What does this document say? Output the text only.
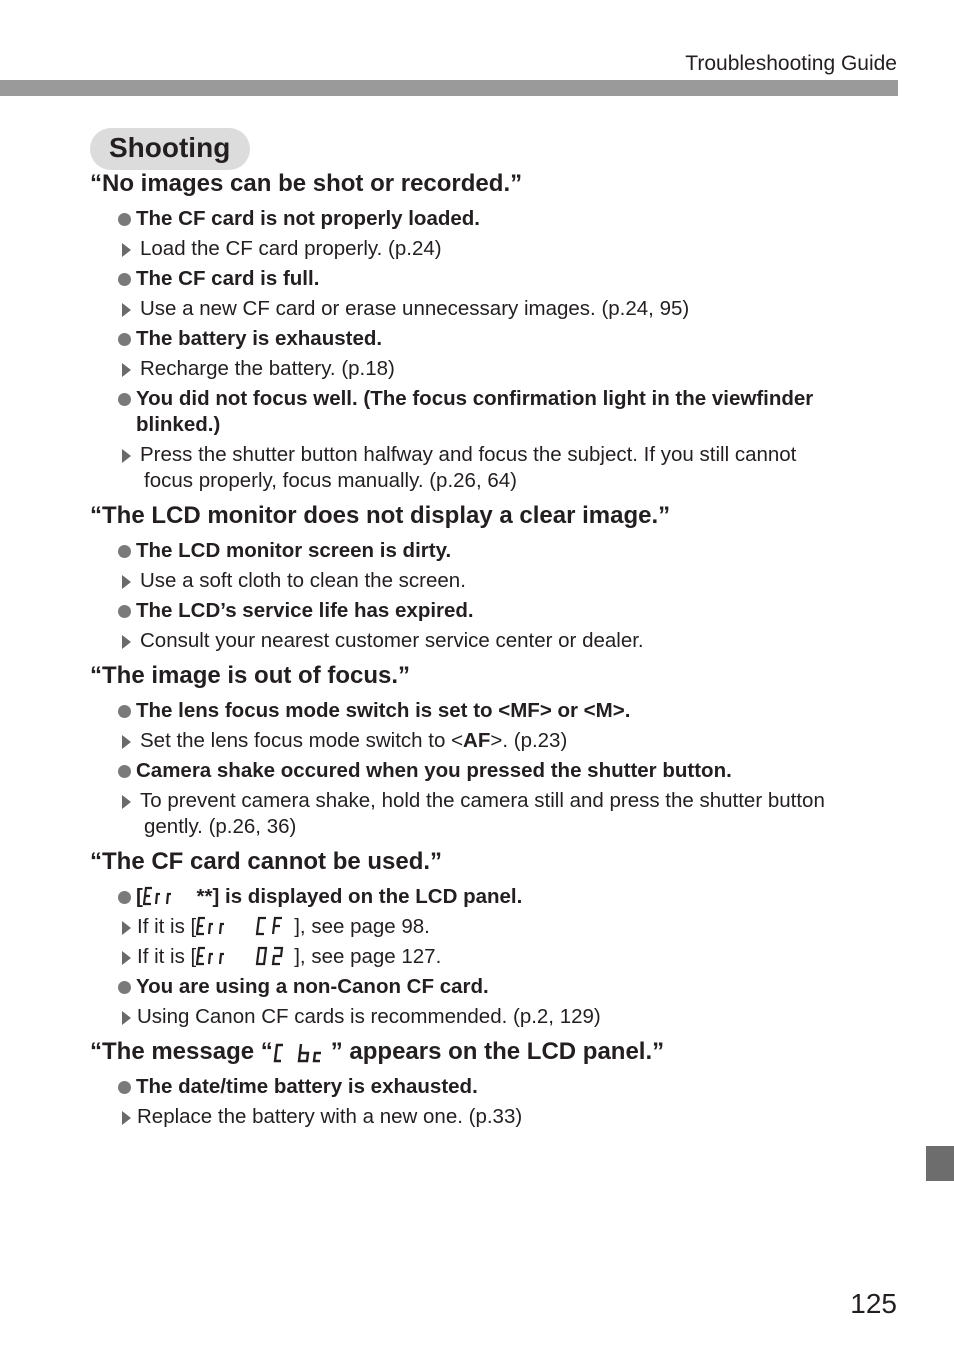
Troubleshooting Guide
125
Shooting
“No images can be shot or recorded.”
The CF card is not properly loaded.
Load the CF card properly. (p.24)
The CF card is full.
Use a new CF card or erase unnecessary images. (p.24, 95)
The battery is exhausted.
Recharge the battery. (p.18)
You did not focus well. (The focus confirmation light in the viewfinder
blinked.)
Press the shutter button halfway and focus the subject. If you still cannot
focus properly, focus manually. (p.26, 64)
“The LCD monitor does not display a clear image.”
The LCD monitor screen is dirty.
Use a soft cloth to clean the screen.
The LCD’s service life has expired.
Consult your nearest customer service center or dealer.
“The image is out of focus.”
The lens focus mode switch is set to <MF> or <M>.
Set the lens focus mode switch to <AF>. (p.23)
Camera shake occured when you pressed the shutter button.
To prevent camera shake, hold the camera still and press the shutter button
gently. (p.26, 36)
“The CF card cannot be used.”
[
**] is displayed on the LCD panel.
If it is [	], see page 98.
If it is [	], see page 127.
You are using a non-Canon CF card.
Using Canon CF cards is recommended. (p.2, 129)
“The message “ ” appears on the LCD panel.”
The date/time battery is exhausted.
Replace the battery with a new one. (p.33)
